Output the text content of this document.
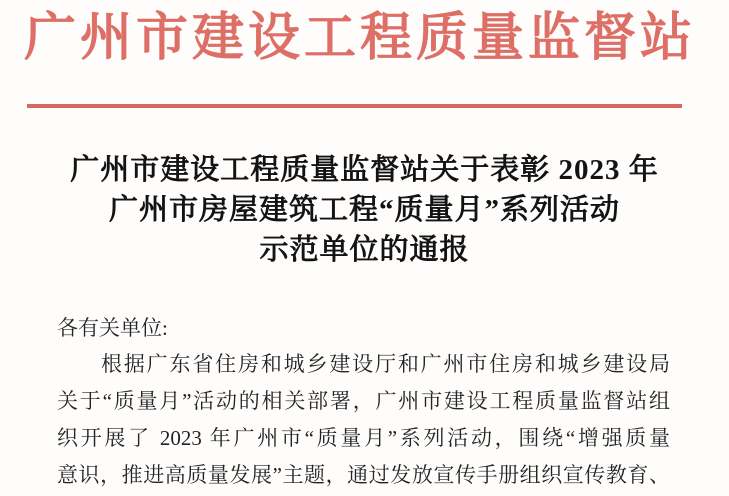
广州市建设工程质量监督站
广州市建设工程质量监督站关于表彰 2023 年
广州市房屋建筑工程“质量月”系列活动
示范单位的通报

各有关单位:

根据广东省住房和城乡建设厅和广州市住房和城乡建设局

关于“质量月”活动的相关部署，广州市建设工程质量监督站组

织开展了 2023 年广州市“质量月”系列活动，围绕“增强质量

意识，推进高质量发展”主题，通过发放宣传手册组织宣传教育、
